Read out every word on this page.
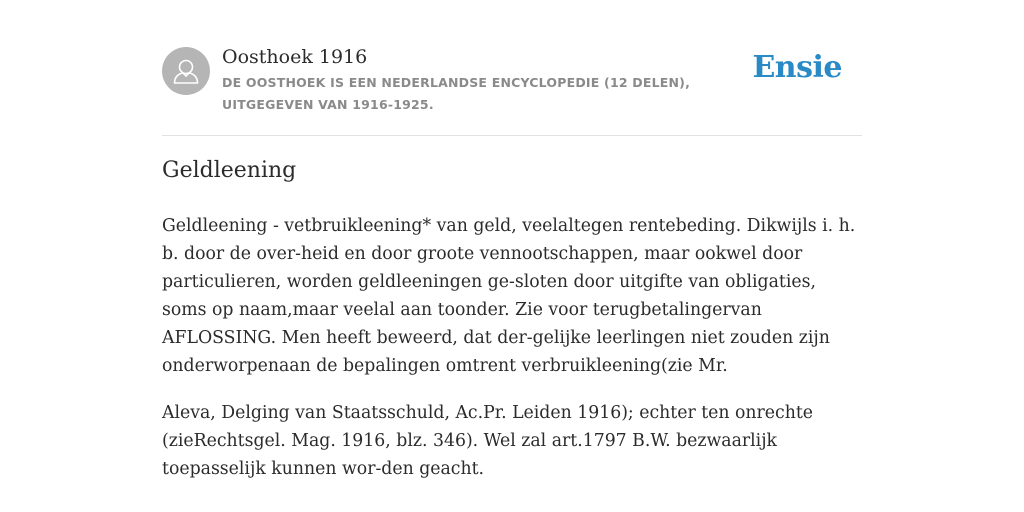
Oosthoek 1916
DE OOSTHOEK IS EEN NEDERLANDSE ENCYCLOPEDIE (12 DELEN), UITGEGEVEN VAN 1916-1925.
Ensie
Geldleening

Geldleening - vetbruikleening* van geld, veelaltegen rentebeding. Dikwijls i. h. b. door de over-heid en door groote vennootschappen, maar ookwel door particulieren, worden geldleeningen ge-sloten door uitgifte van obligaties, soms op naam,maar veelal aan toonder. Zie voor terugbetalingervan AFLOSSING. Men heeft beweerd, dat der-gelijke leerlingen niet zouden zijn onderworpenaan de bepalingen omtrent verbruikleening(zie Mr.

Aleva, Delging van Staatsschuld, Ac.Pr. Leiden 1916); echter ten onrechte (zieRechtsgel. Mag. 1916, blz. 346). Wel zal art.1797 B.W. bezwaarlijk toepasselijk kunnen wor-den geacht.
